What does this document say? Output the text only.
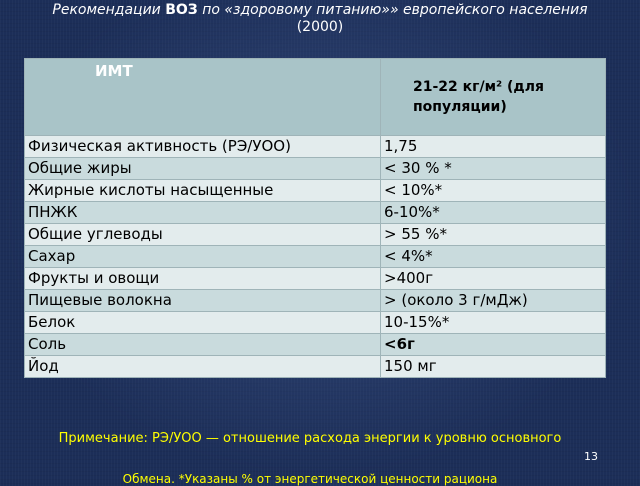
Рекомендации ВОЗ по «здоровому питанию»» европейского населения
(2000)
ИМТ	21-22 кг/м² (для популяции)
Физическая активность (РЭ/УОО)	1,75
Общие жиры	< 30 % *
Жирные кислоты насыщенные	< 10%*
ПНЖК	6-10%*
Общие углеводы	> 55 %*
Сахар	< 4%*
Фрукты и овощи	>400г
Пищевые волокна	> (около 3 г/мДж)
Белок	10-15%*
Соль	<6г
Йод	150 мг
Примечание: РЭ/УОО — отношение расхода энергии к уровню основного
Обмена. *Указаны % от энергетической ценности рациона
13
